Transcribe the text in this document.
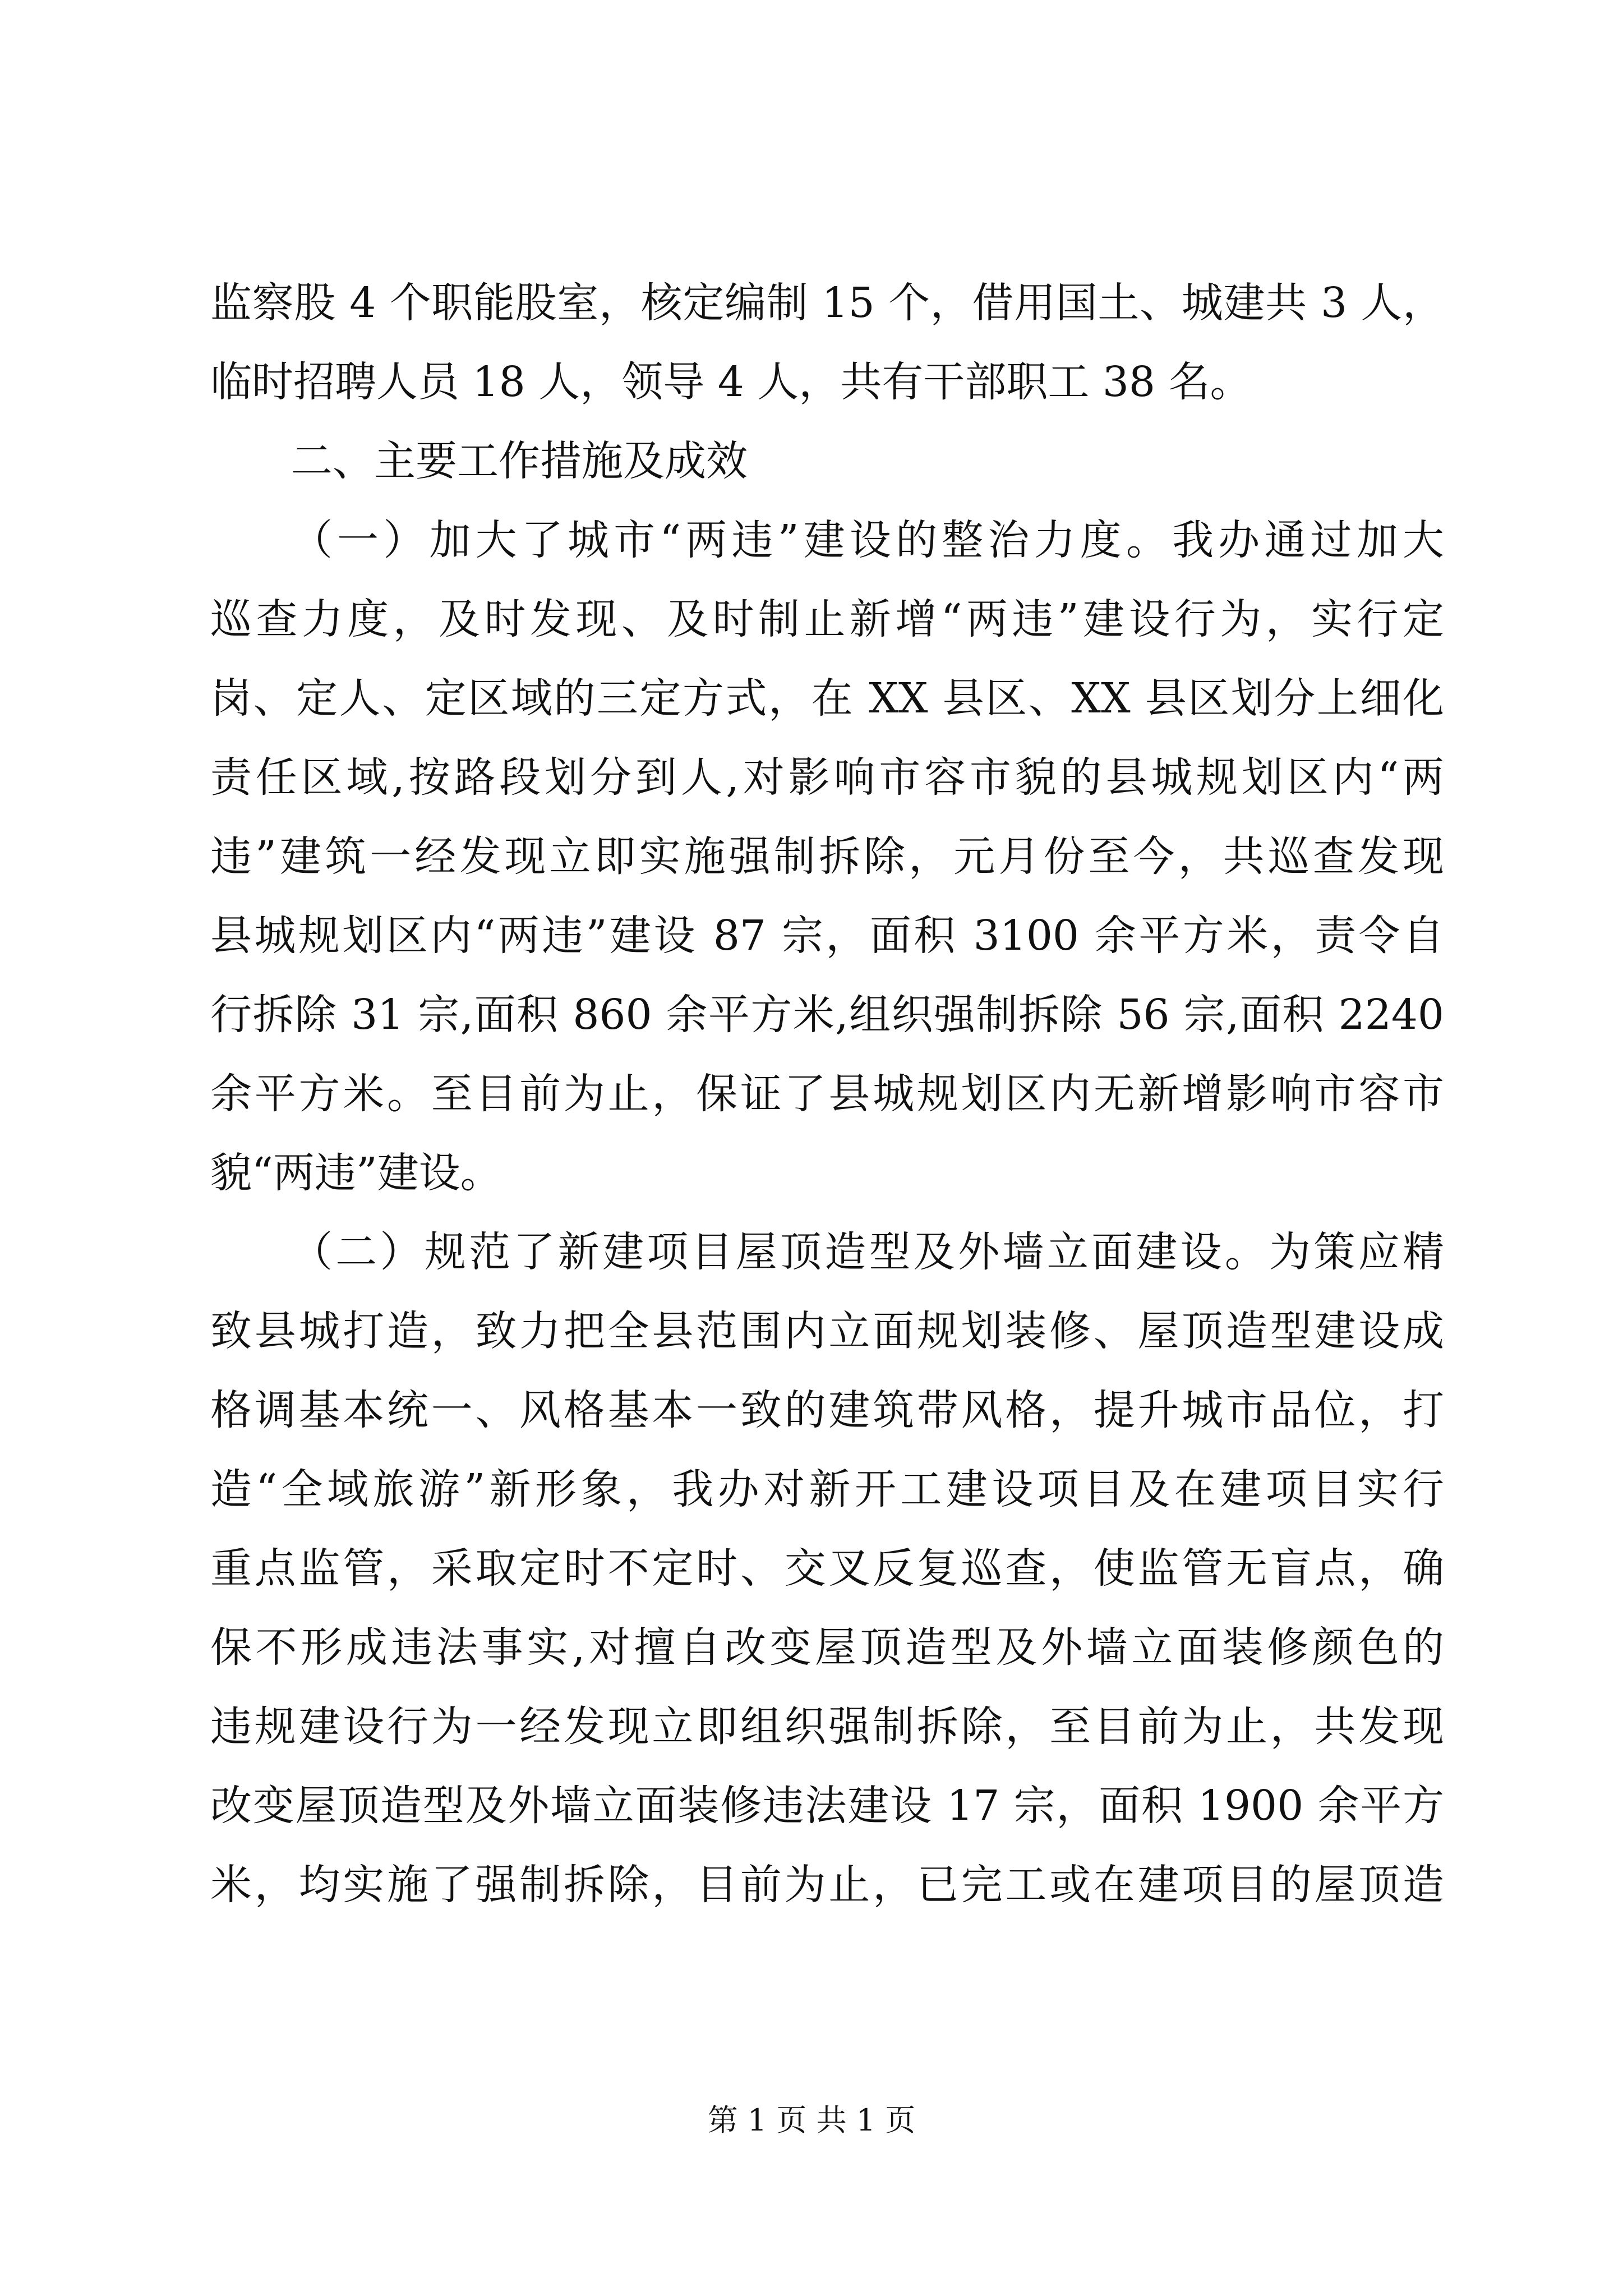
监察股 4 个职能股室，核定编制 15 个，借用国土、城建共 3 人，
临时招聘人员 18 人，领导 4 人，共有干部职工 38 名。
二、主要工作措施及成效
（一）加大了城市“两违”建设的整治力度。我办通过加大
巡查力度，及时发现、及时制止新增“两违”建设行为，实行定
岗、定人、定区域的三定方式，在 XX 县区、XX 县区划分上细化
责任区域,按路段划分到人,对影响市容市貌的县城规划区内“两
违”建筑一经发现立即实施强制拆除，元月份至今，共巡查发现
县城规划区内“两违”建设 87 宗，面积 3100 余平方米，责令自
行拆除 31 宗,面积 860 余平方米,组织强制拆除 56 宗,面积 2240
余平方米。至目前为止，保证了县城规划区内无新增影响市容市
貌“两违”建设。
（二）规范了新建项目屋顶造型及外墙立面建设。为策应精
致县城打造，致力把全县范围内立面规划装修、屋顶造型建设成
格调基本统一、风格基本一致的建筑带风格，提升城市品位，打
造“全域旅游”新形象，我办对新开工建设项目及在建项目实行
重点监管，采取定时不定时、交叉反复巡查，使监管无盲点，确
保不形成违法事实,对擅自改变屋顶造型及外墙立面装修颜色的
违规建设行为一经发现立即组织强制拆除，至目前为止，共发现
改变屋顶造型及外墙立面装修违法建设 17 宗，面积 1900 余平方
米，均实施了强制拆除，目前为止，已完工或在建项目的屋顶造
第 1 页 共 1 页
